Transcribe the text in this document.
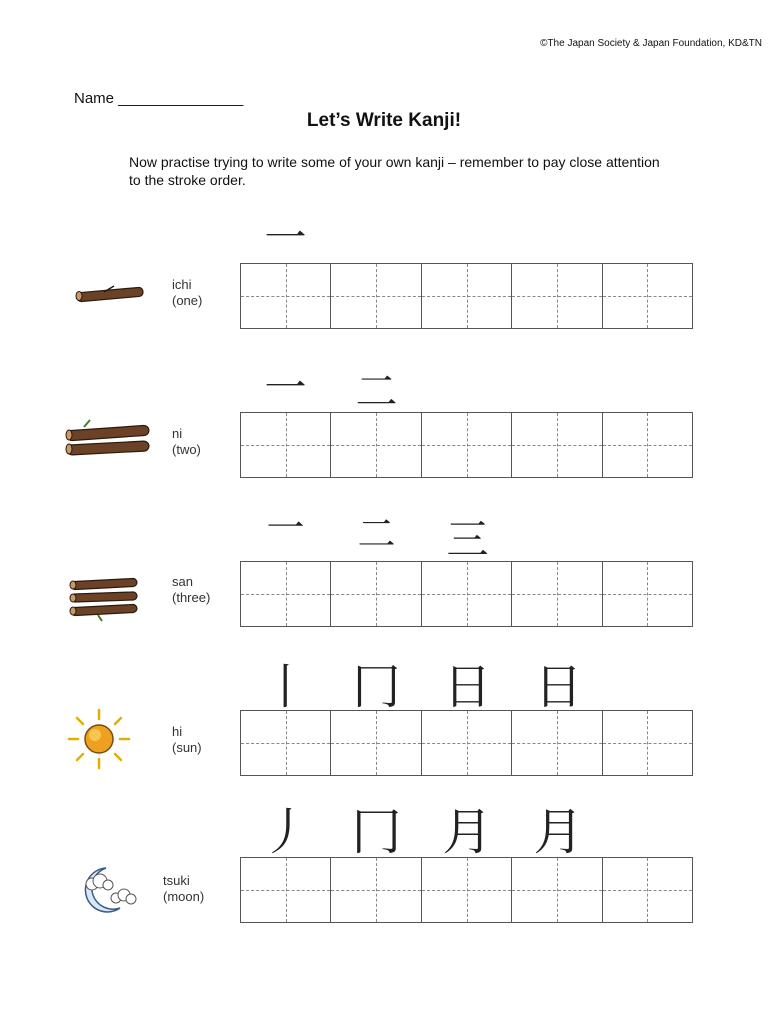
©The Japan Society & Japan Foundation, KD&TN
Name _______________
Let’s Write Kanji!
Now practise trying to write some of your own kanji – remember to pay close attention to the stroke order.
ichi
(one)
一
ni
(two)
一	二
san
(three)
一	二	三
hi
(sun)
丨 冂 日 日
tsuki
(moon)
丿 冂 月 月
